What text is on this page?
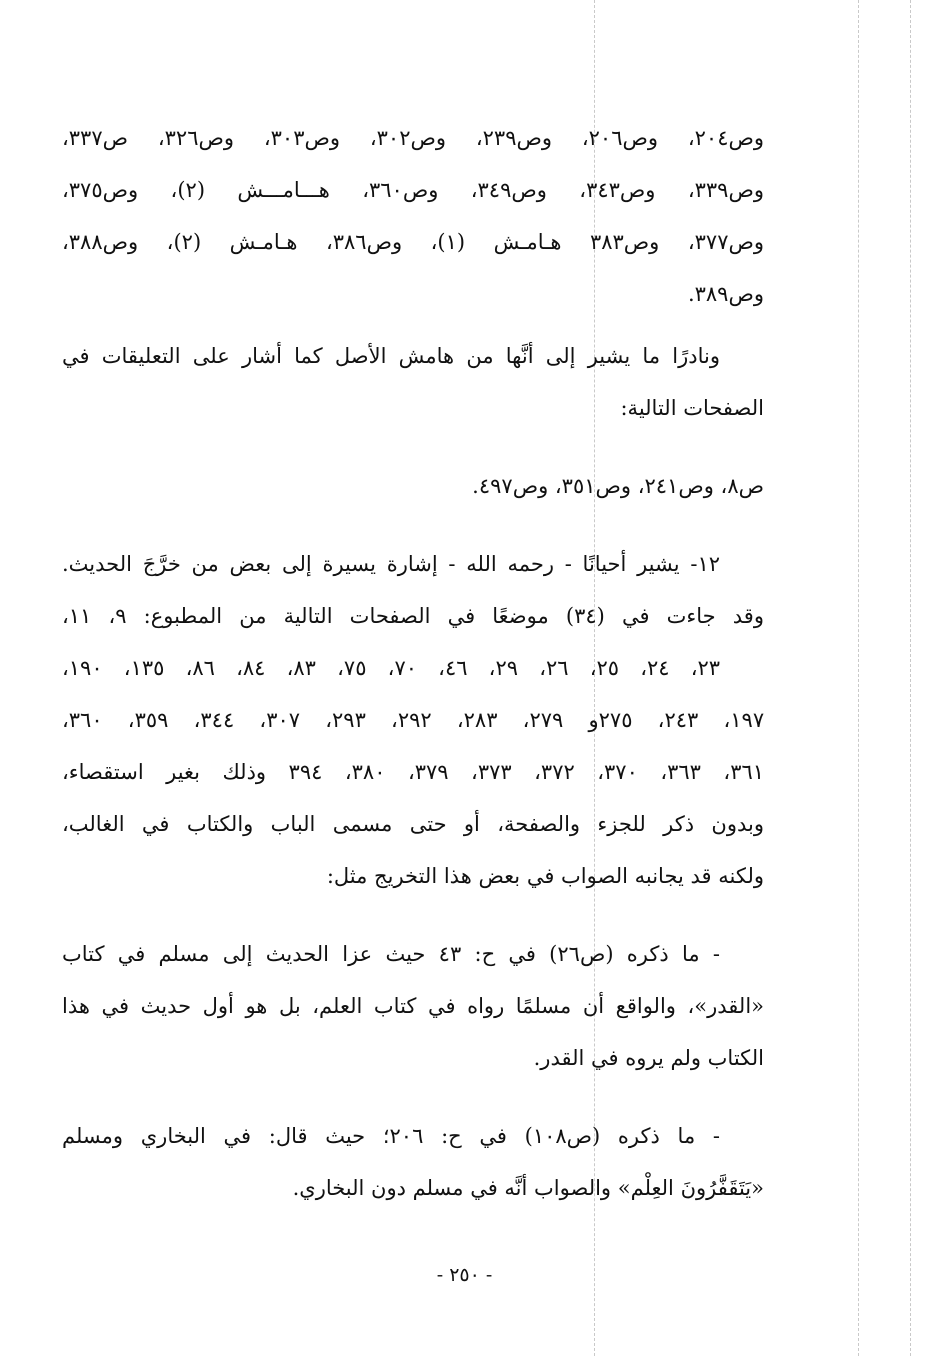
وص٢٠٤، وص٢٠٦، وص٢٣٩، وص٣٠٢، وص٣٠٣، وص٣٢٦، ص٣٣٧،
وص٣٣٩، وص٣٤٣، وص٣٤٩، وص٣٦٠، هـــامـــش (٢)، وص٣٧٥،
وص٣٧٧، وص٣٨٣ هـامـش (١)، وص٣٨٦، هـامـش (٢)، وص٣٨٨،
وص٣٨٩.
ونادرًا ما يشير إلى أنَّها من هامش الأصل كما أشار على التعليقات في
الصفحات التالية:
ص٨، وص٢٤١، وص٣٥١، وص٤٩٧.
١٢- يشير أحيانًا - رحمه الله - إشارة يسيرة إلى بعض من خرَّجَ الحديث.
وقد جاءت في (٣٤) موضعًا في الصفحات التالية من المطبوع: ٩، ١١،
٢٣، ٢٤، ٢٥، ٢٦، ٢٩، ٤٦، ٧٠، ٧٥، ٨٣، ٨٤، ٨٦، ١٣٥، ١٩٠،
١٩٧، ٢٤٣، ٢٧٥و ٢٧٩، ٢٨٣، ٢٩٢، ٢٩٣، ٣٠٧، ٣٤٤، ٣٥٩، ٣٦٠،
٣٦١، ٣٦٣، ٣٧٠، ٣٧٢، ٣٧٣، ٣٧٩، ٣٨٠، ٣٩٤ وذلك بغير استقصاء،
وبدون ذكر للجزء والصفحة، أو حتى مسمى الباب والكتاب في الغالب،
ولكنه قد يجانبه الصواب في بعض هذا التخريج مثل:
- ما ذكره (ص٢٦) في ح: ٤٣ حيث عزا الحديث إلى مسلم في كتاب
«القدر»، والواقع أن مسلمًا رواه في كتاب العلم، بل هو أول حديث في هذا
الكتاب ولم يروه في القدر.
- ما ذكره (ص١٠٨) في ح: ٢٠٦؛ حيث قال: في البخاري ومسلم
«يَتَقَفَّرُونَ العِلْم» والصواب أنَّه في مسلم دون البخاري.
- ٢٥٠ -
